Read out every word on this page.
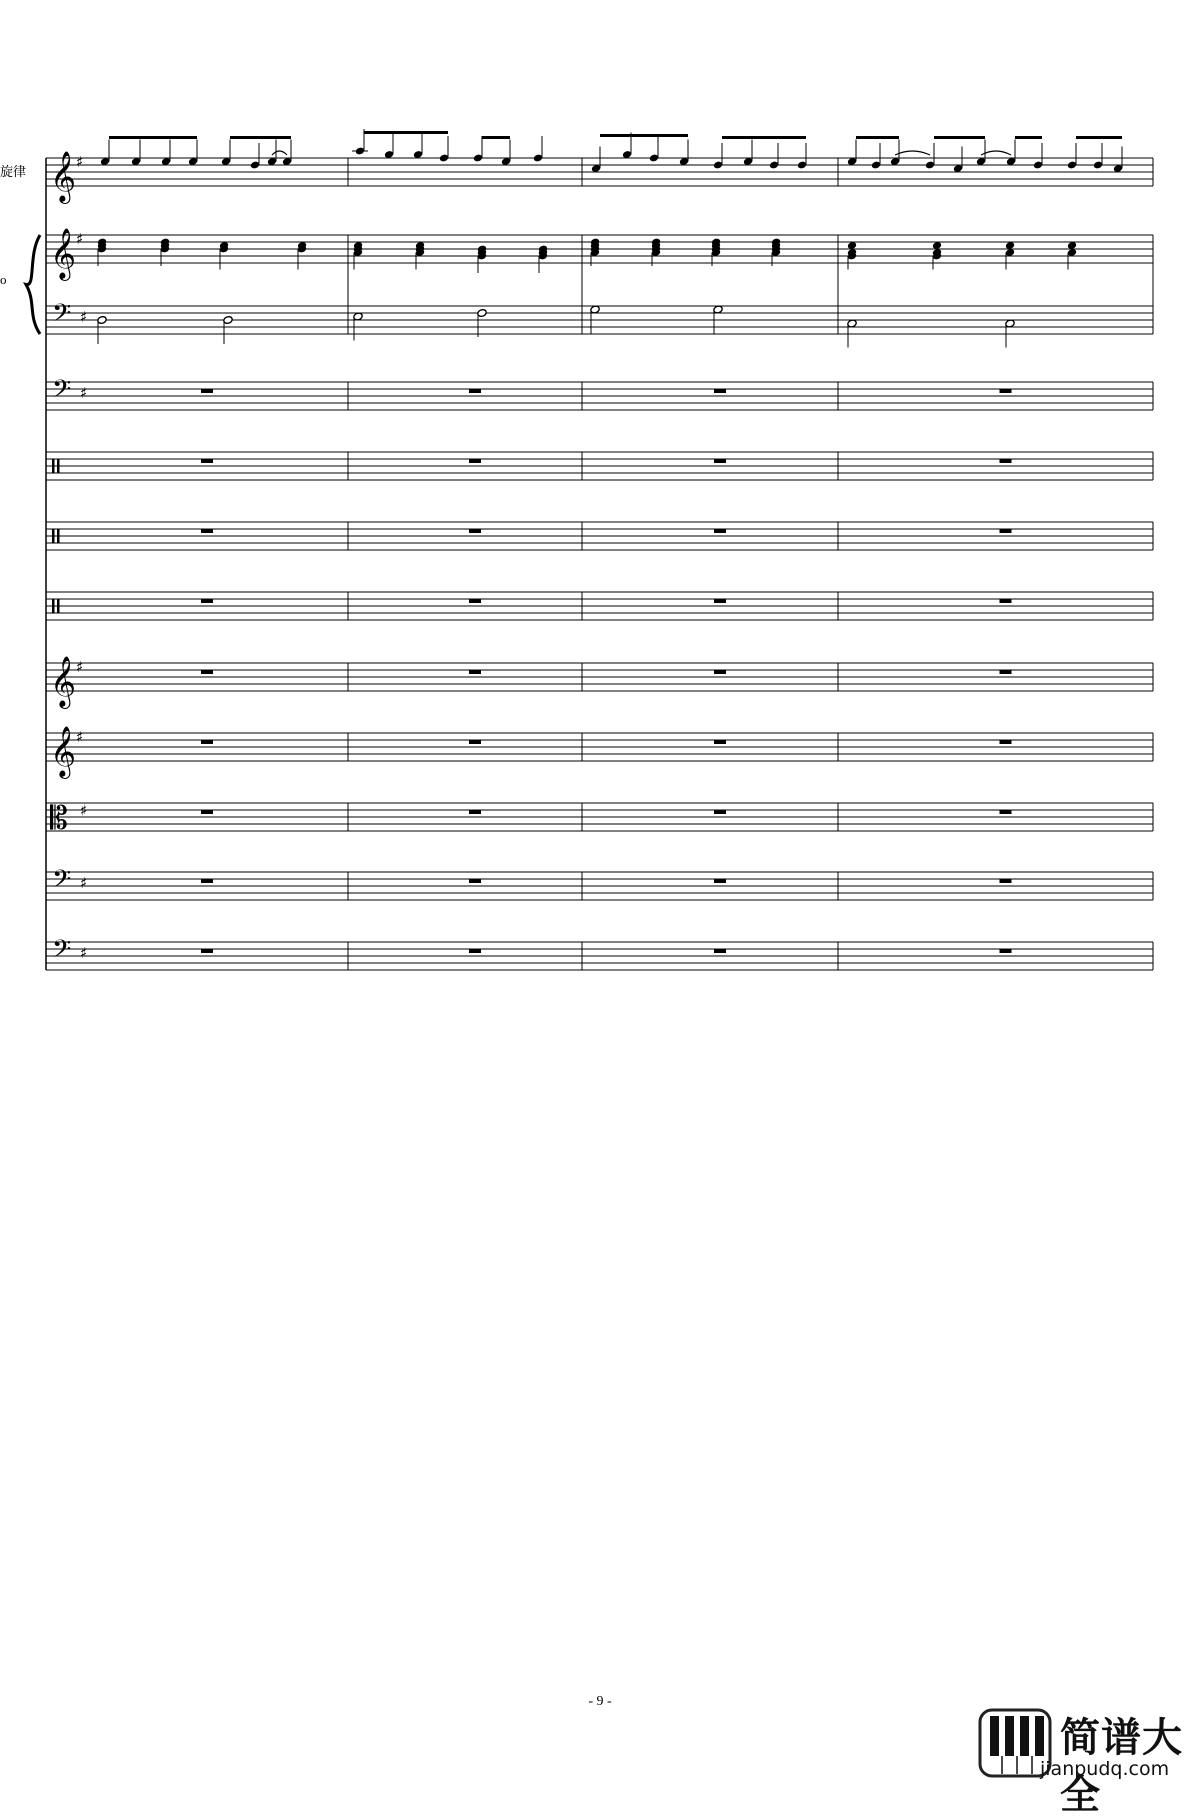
𝄞 ♯
𝄞 ♯
𝄢 ♯
𝄢 ♯
𝄞 ♯
𝄞 ♯
𝄡 ♯
𝄢 ♯
𝄢 ♯
旋律
o
- 9 -
简谱大全
jianpudq.com
